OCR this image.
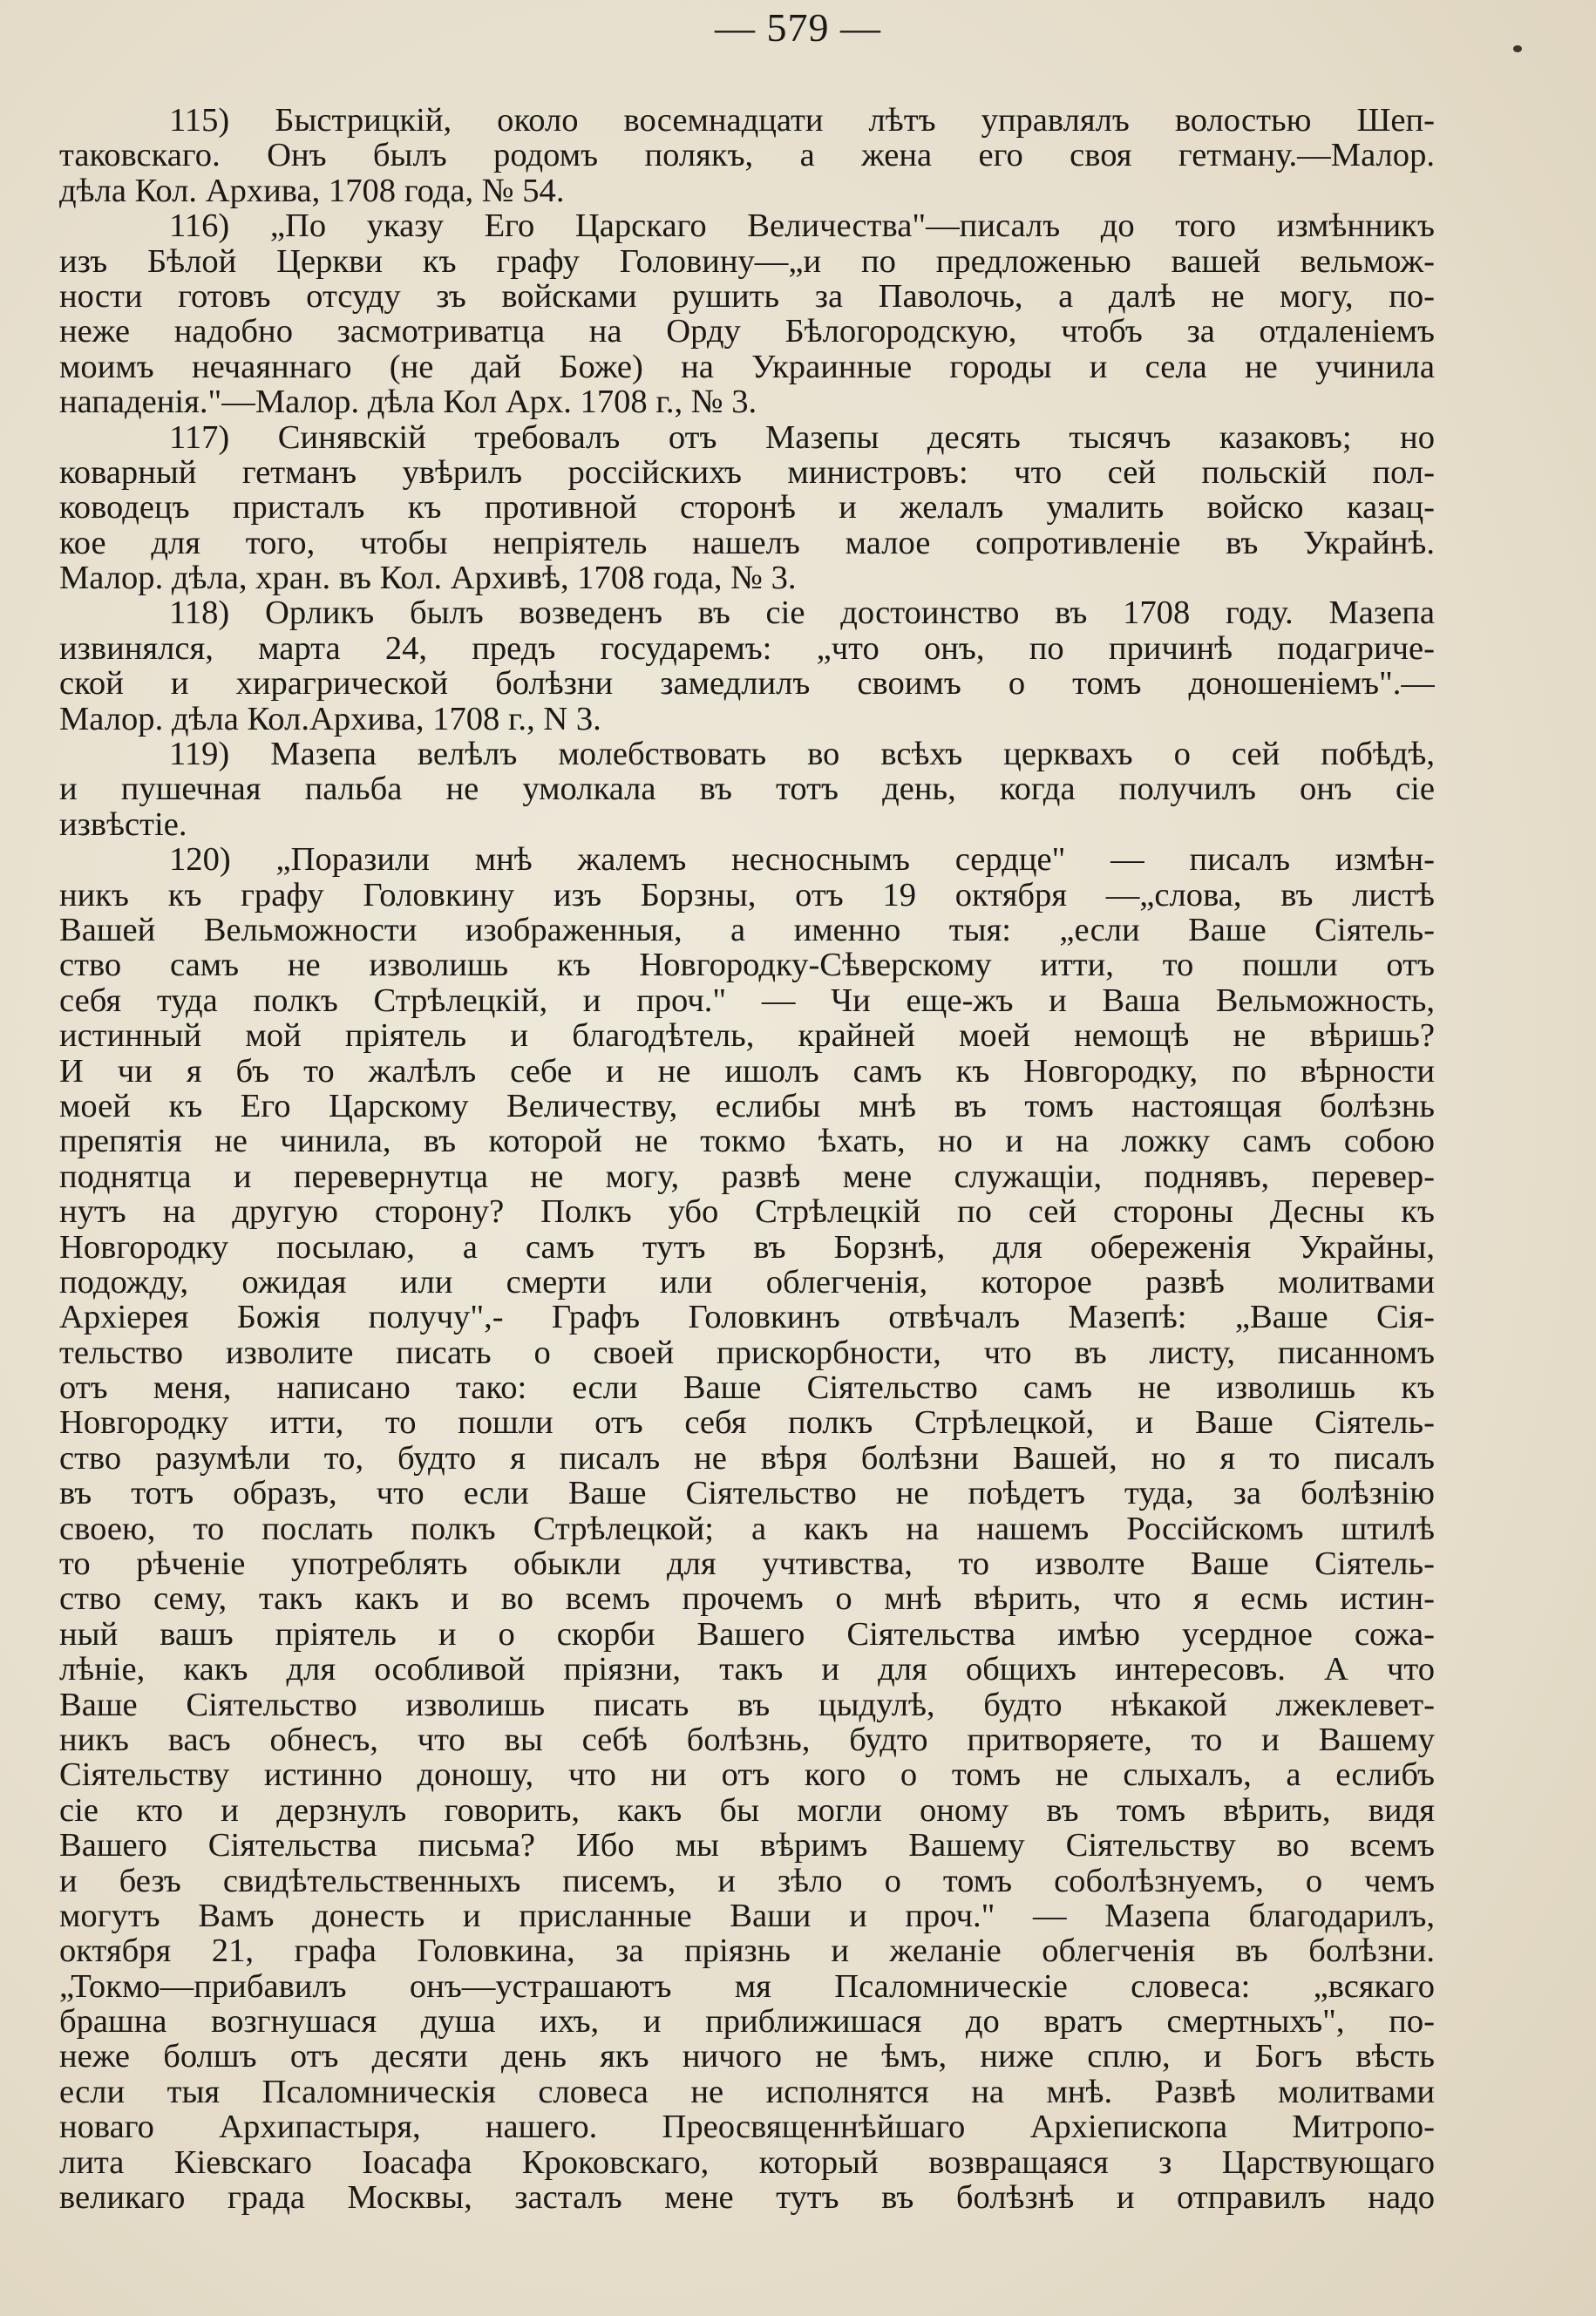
— 579 —
115) Быстрицкій, около восемнадцати лѣтъ управлялъ волостью Шеп-
таковскаго. Онъ былъ родомъ полякъ, а жена его своя гетману.—Малор.
дѣла Кол. Архива, 1708 года, № 54.
116) „По указу Его Царскаго Величества"—писалъ до того измѣнникъ
изъ Бѣлой Церкви къ графу Головину—„и по предложенью вашей вельмож-
ности готовъ отсуду зъ войсками рушить за Паволочь, а далѣ не могу, по-
неже надобно засмотриватца на Орду Бѣлогородскую, чтобъ за отдаленіемъ
моимъ нечаяннаго (не дай Боже) на Украинные городы и села не учинила
нападенія."—Малор. дѣла Кол Арх. 1708 г., № 3.
117) Синявскій требовалъ отъ Мазепы десять тысячъ казаковъ; но
коварный гетманъ увѣрилъ россійскихъ министровъ: что сей польскій пол-
ководецъ присталъ къ противной сторонѣ и желалъ умалить войско казац-
кое для того, чтобы непріятель нашелъ малое сопротивленіе въ Украйнѣ.
Малор. дѣла, хран. въ Кол. Архивѣ, 1708 года, № 3.
118) Орликъ былъ возведенъ въ сіе достоинство въ 1708 году. Мазепа
извинялся, марта 24, предъ государемъ: „что онъ, по причинѣ подагриче-
ской и хирагрической болѣзни замедлилъ своимъ о томъ доношеніемъ".—
Малор. дѣла Кол.Архива, 1708 г., N 3.
119) Мазепа велѣлъ молебствовать во всѣхъ церквахъ о сей побѣдѣ,
и пушечная пальба не умолкала въ тотъ день, когда получилъ онъ сіе
извѣстіе.
120) „Поразили мнѣ жалемъ несноснымъ сердце" — писалъ измѣн-
никъ къ графу Головкину изъ Борзны, отъ 19 октября —„слова, въ листѣ
Вашей Вельможности изображенныя, а именно тыя: „если Ваше Сіятель-
ство самъ не изволишь къ Новгородку-Сѣверскому итти, то пошли отъ
себя туда полкъ Стрѣлецкій, и проч." — Чи еще-жъ и Ваша Вельможность,
истинный мой пріятель и благодѣтель, крайней моей немощѣ не вѣришь?
И чи я бъ то жалѣлъ себе и не ишолъ самъ къ Новгородку, по вѣрности
моей къ Его Царскому Величеству, еслибы мнѣ въ томъ настоящая болѣзнь
препятія не чинила, въ которой не токмо ѣхать, но и на ложку самъ собою
поднятца и перевернутца не могу, развѣ мене служащіи, поднявъ, перевер-
нутъ на другую сторону? Полкъ убо Стрѣлецкій по сей стороны Десны къ
Новгородку посылаю, а самъ тутъ въ Борзнѣ, для обереженія Украйны,
подожду, ожидая или смерти или облегченія, которое развѣ молитвами
Архіерея Божія получу",- Графъ Головкинъ отвѣчалъ Мазепѣ: „Ваше Сія-
тельство изволите писать о своей прискорбности, что въ листу, писанномъ
отъ меня, написано тако: если Ваше Сіятельство самъ не изволишь къ
Новгородку итти, то пошли отъ себя полкъ Стрѣлецкой, и Ваше Сіятель-
ство разумѣли то, будто я писалъ не вѣря болѣзни Вашей, но я то писалъ
въ тотъ образъ, что если Ваше Сіятельство не поѣдетъ туда, за болѣзнію
своею, то послать полкъ Стрѣлецкой; а какъ на нашемъ Россійскомъ штилѣ
то рѣченіе употреблять обыкли для учтивства, то изволте Ваше Сіятель-
ство сему, такъ какъ и во всемъ прочемъ о мнѣ вѣрить, что я есмь истин-
ный вашъ пріятель и о скорби Вашего Сіятельства имѣю усердное сожа-
лѣніе, какъ для особливой пріязни, такъ и для общихъ интересовъ. А что
Ваше Сіятельство изволишь писать въ цыдулѣ, будто нѣкакой лжеклевет-
никъ васъ обнесъ, что вы себѣ болѣзнь, будто притворяете, то и Вашему
Сіятельству истинно доношу, что ни отъ кого о томъ не слыхалъ, а еслибъ
сіе кто и дерзнулъ говорить, какъ бы могли оному въ томъ вѣрить, видя
Вашего Сіятельства письма? Ибо мы вѣримъ Вашему Сіятельству во всемъ
и безъ свидѣтельственныхъ писемъ, и зѣло о томъ соболѣзнуемъ, о чемъ
могутъ Вамъ донесть и присланные Ваши и проч." — Мазепа благодарилъ,
октября 21, графа Головкина, за пріязнь и желаніе облегченія въ болѣзни.
„Токмо—прибавилъ онъ—устрашаютъ мя Псаломническіе словеса: „всякаго
брашна возгнушася душа ихъ, и приближишася до вратъ смертныхъ", по-
неже болшъ отъ десяти день якъ ничого не ѣмъ, ниже сплю, и Богъ вѣсть
если тыя Псаломническія словеса не исполнятся на мнѣ. Развѣ молитвами
новаго Архипастыря, нашего. Преосвященнѣйшаго Архіепископа Митропо-
лита Кіевскаго Іоасафа Кроковскаго, который возвращаяся з Царствующаго
великаго града Москвы, засталъ мене тутъ въ болѣзнѣ и отправилъ надо
